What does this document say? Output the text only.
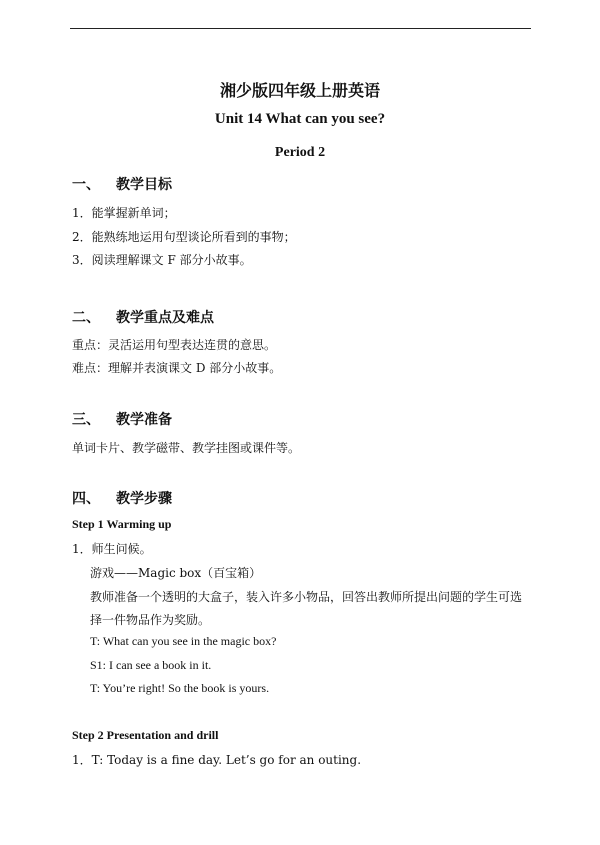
湘少版四年级上册英语
Unit 14 What can you see?
Period 2
一、 教学目标
1．能掌握新单词；
2．能熟练地运用句型谈论所看到的事物；
3．阅读理解课文 F 部分小故事。
二、 教学重点及难点
重点：灵活运用句型表达连贯的意思。
难点：理解并表演课文 D 部分小故事。
三、 教学准备
单词卡片、教学磁带、教学挂图或课件等。
四、 教学步骤
Step 1 Warming up
1．师生问候。
游戏——Magic box（百宝箱）
教师准备一个透明的大盒子，装入许多小物品，回答出教师所提出问题的学生可选
择一件物品作为奖励。
T: What can you see in the magic box?
S1: I can see a book in it.
T: You’re right! So the book is yours.
Step 2 Presentation and drill
1．T: Today is a fine day. Let’s go for an outing.
